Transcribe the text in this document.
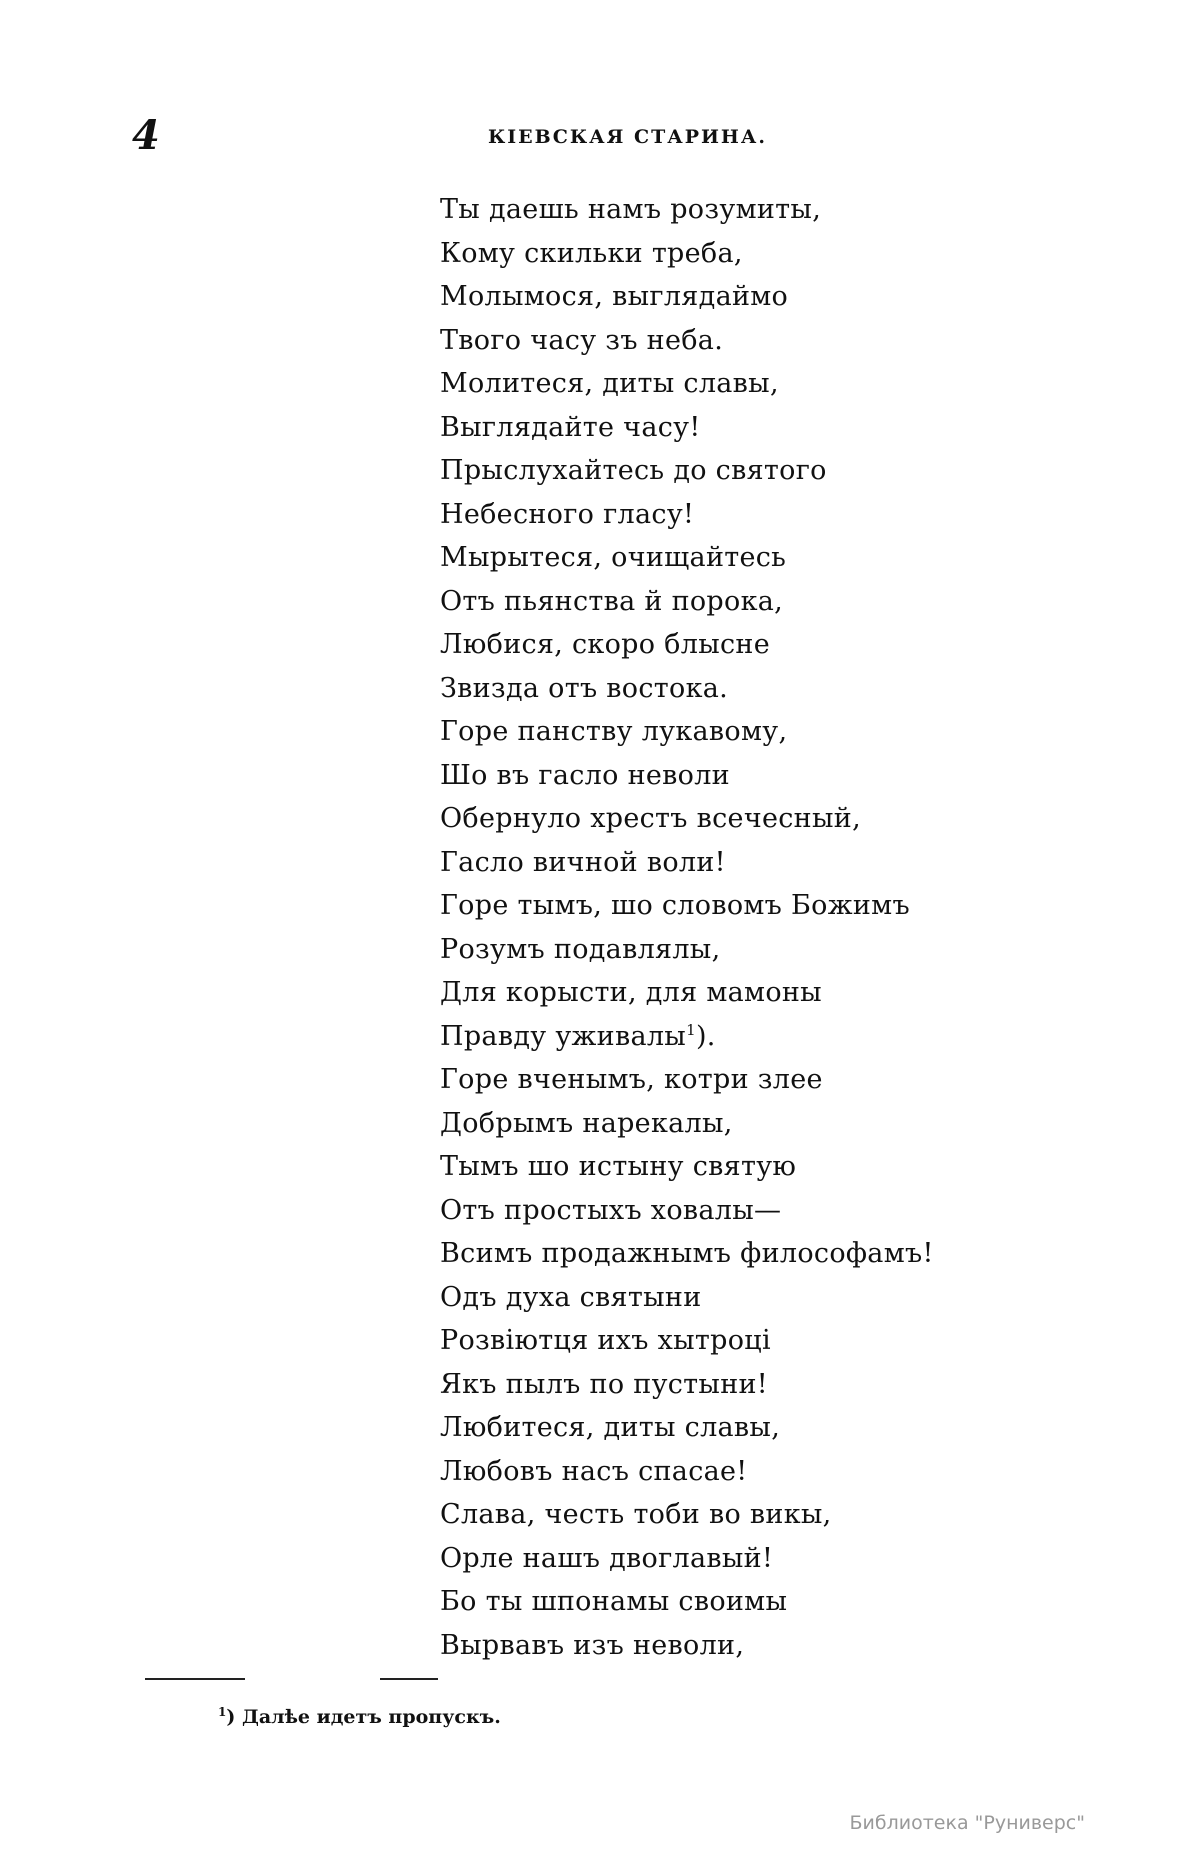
4	КІЕВСКАЯ СТАРИНА.
Ты даешь намъ розумиты,
Кому скильки треба,
Молымося, выглядаймо
Твого часу зъ неба.
Молитеся, диты славы,
Выглядайте часу!
Прыслухайтесь до святого
Небесного гласу!
Мырытеся, очищайтесь
Отъ пьянства й порока,
Любися, скоро блысне
Звизда отъ востока.
Горе панству лукавому,
Шо въ гасло неволи
Обернуло хрестъ всечесный,
Гасло вичной воли!
Горе тымъ, шо словомъ Божимъ
Розумъ подавлялы,
Для корысти, для мамоны
Правду уживалы$^1$).
Горе вченымъ, котри злее
Добрымъ нарекалы,
Тымъ шо истыну святую
Отъ простыхъ ховалы—
Всимъ продажнымъ философамъ!
Одъ духа святыни
Розвiютця ихъ хытроцi
Якъ пылъ по пустыни!
Любитеся, диты славы,
Любовъ насъ спасае!
Слава, честь тоби во викы,
Орле нашъ двоглавый!
Бо ты шпонамы своимы
Вырвавъ изъ неволи,
$^1$) Далѣе идетъ пропускъ.
Библиотека "Руниверс"
